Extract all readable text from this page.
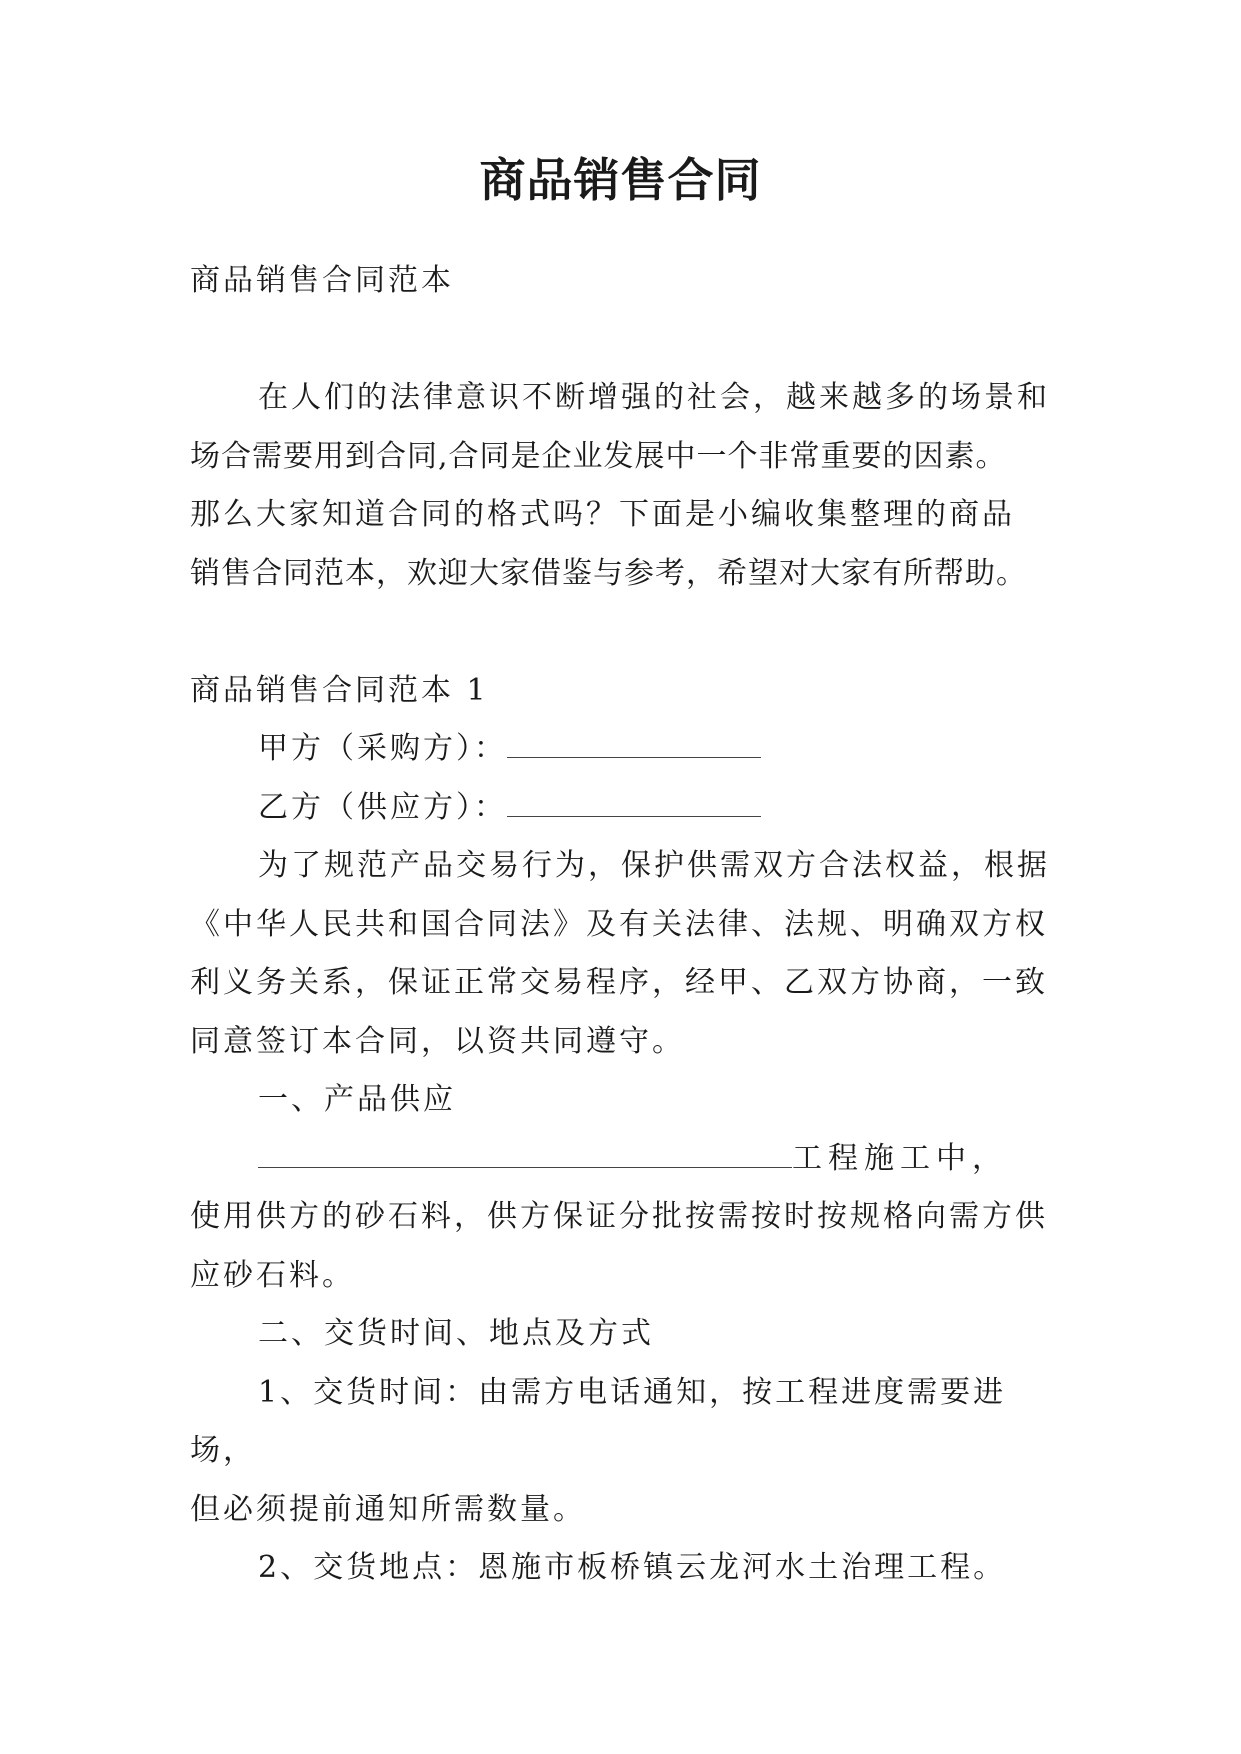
商品销售合同

商品销售合同范本

在人们的法律意识不断增强的社会，越来越多的场景和

场合需要用到合同,合同是企业发展中一个非常重要的因素。

那么大家知道合同的格式吗？下面是小编收集整理的商品

销售合同范本，欢迎大家借鉴与参考，希望对大家有所帮助。

商品销售合同范本 1

甲方（采购方）：

乙方（供应方）：

为了规范产品交易行为，保护供需双方合法权益，根据

《中华人民共和国合同法》及有关法律、法规、明确双方权

利义务关系，保证正常交易程序，经甲、乙双方协商，一致

同意签订本合同，以资共同遵守。

一、产品供应

工程施工中，

使用供方的砂石料，供方保证分批按需按时按规格向需方供

应砂石料。

二、交货时间、地点及方式

1、交货时间：由需方电话通知，按工程进度需要进场，

但必须提前通知所需数量。

2、交货地点：恩施市板桥镇云龙河水土治理工程。
